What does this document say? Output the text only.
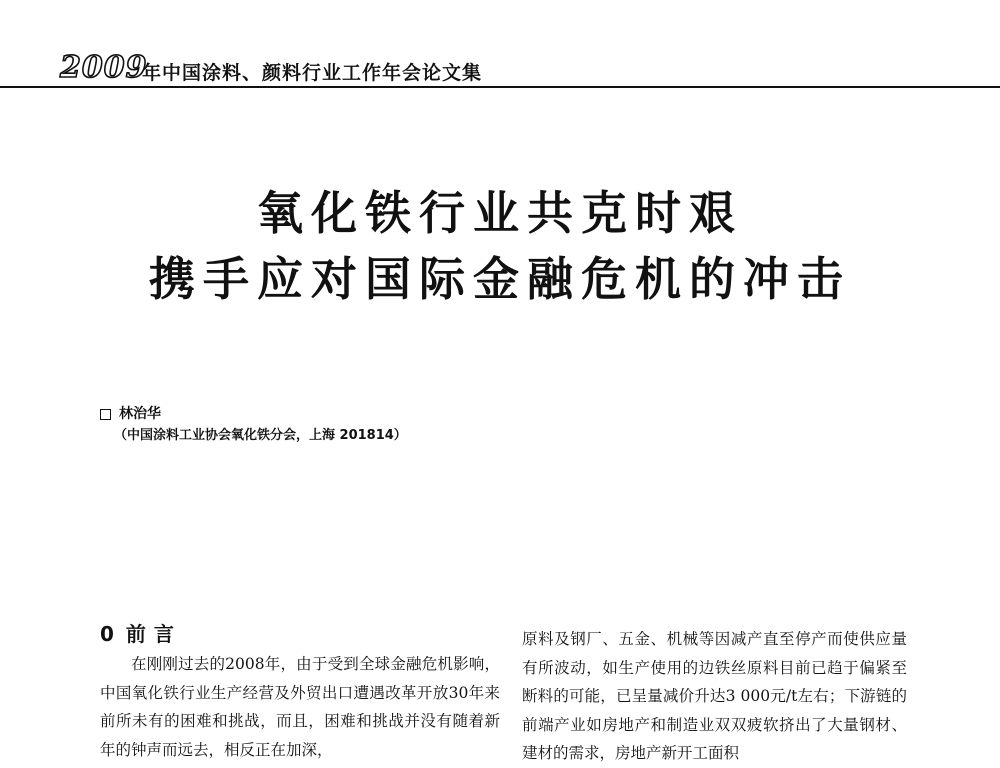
2009
年中国涂料、颜料行业工作年会论文集
氧化铁行业共克时艰
携手应对国际金融危机的冲击
林治华
（中国涂料工业协会氧化铁分会，上海 201814）
0 前言

在刚刚过去的2008年，由于受到全球金融危机影响，中国氧化铁行业生产经营及外贸出口遭遇改革开放30年来前所未有的困难和挑战，而且，困难和挑战并没有随着新年的钟声而远去，相反正在加深，

原料及钢厂、五金、机械等因减产直至停产而使供应量有所波动，如生产使用的边铁丝原料目前已趋于偏紧至断料的可能，已呈量减价升达3 000元/t左右；下游链的前端产业如房地产和制造业双双疲软挤出了大量钢材、建材的需求，房地产新开工面积
